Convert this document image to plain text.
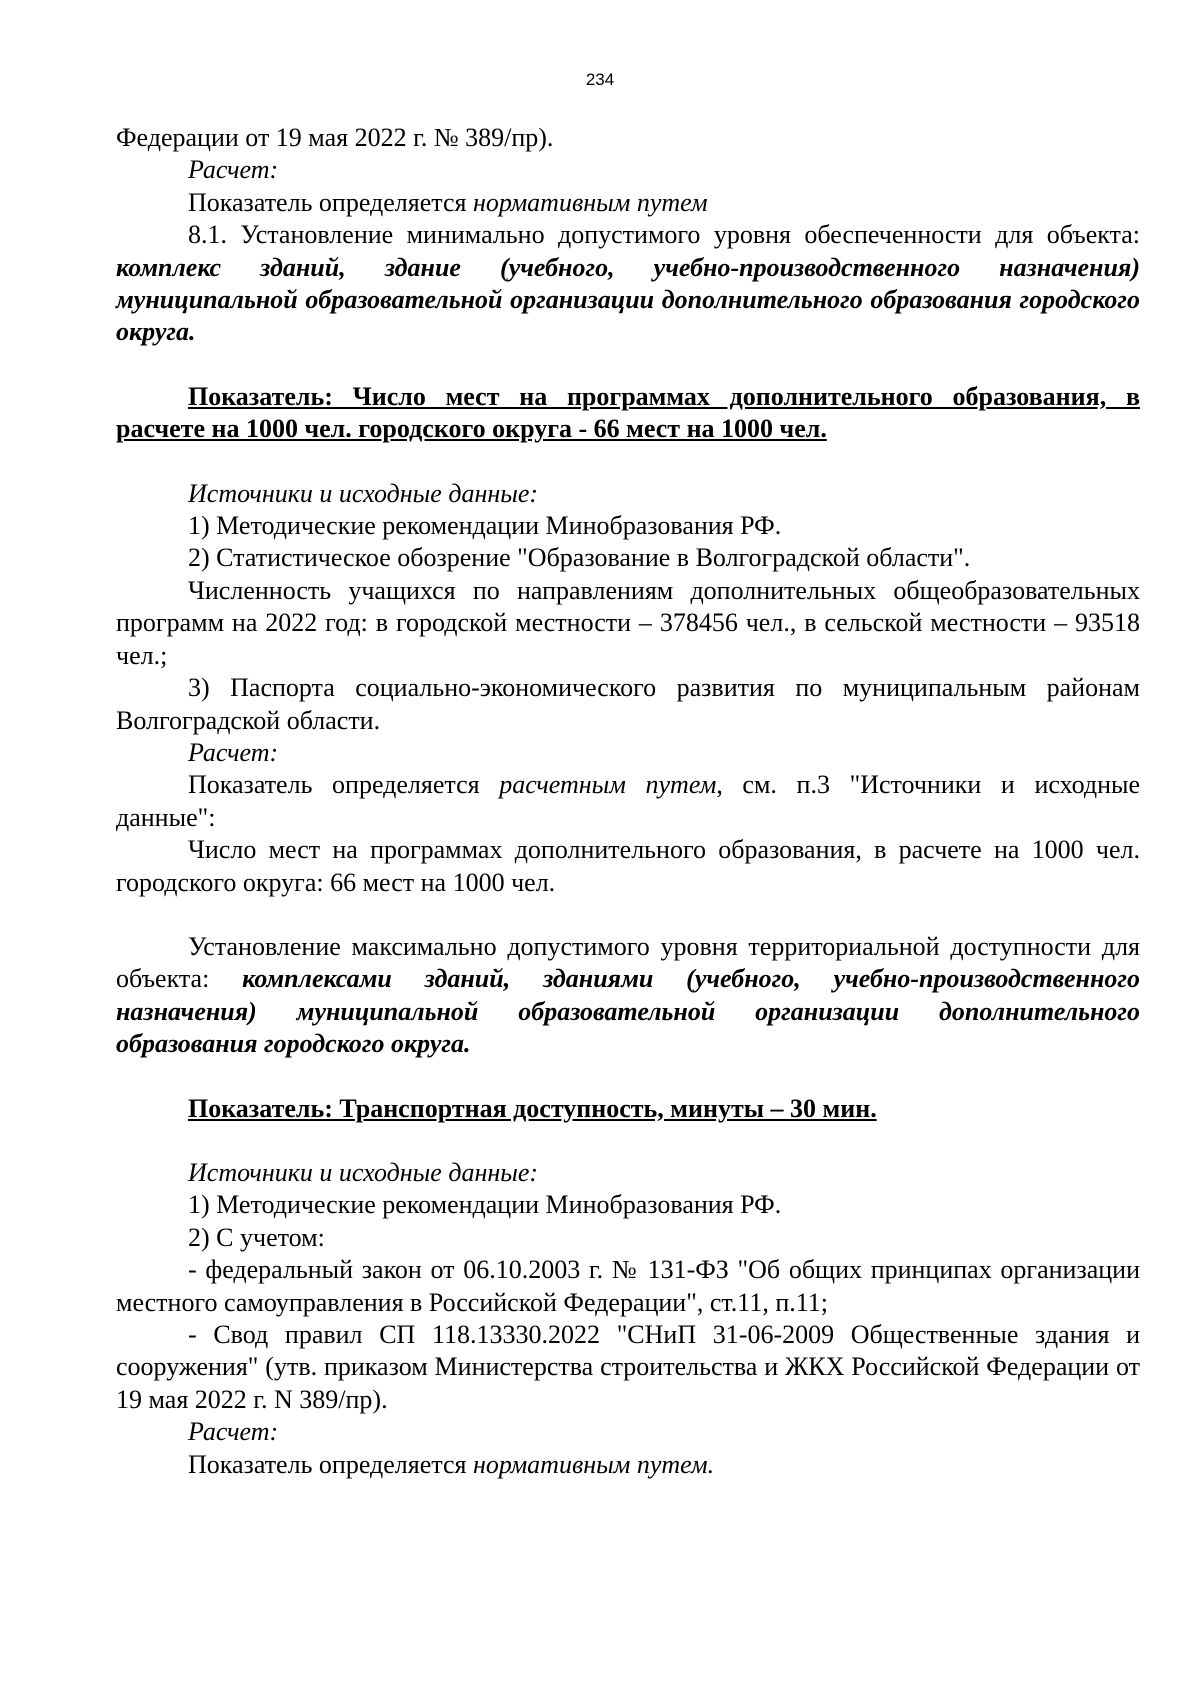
234

Федерации от 19 мая 2022 г. № 389/пр).

Расчет:

Показатель определяется нормативным путем

8.1. Установление минимально допустимого уровня обеспеченности для объекта: комплекс зданий, здание (учебного, учебно-производственного назначения) муниципальной образовательной организации дополнительного образования городского округа.

Показатель: Число мест на программах дополнительного образования, в расчете на 1000 чел. городского округа - 66 мест на 1000 чел.

Источники и исходные данные:

1) Методические рекомендации Минобразования РФ.

2) Статистическое обозрение "Образование в Волгоградской области".

Численность учащихся по направлениям дополнительных общеобразовательных программ на 2022 год: в городской местности – 378456 чел., в сельской местности – 93518 чел.;

3) Паспорта социально-экономического развития по муниципальным районам Волгоградской области.

Расчет:

Показатель определяется расчетным путем, см. п.3 "Источники и исходные данные":

Число мест на программах дополнительного образования, в расчете на 1000 чел. городского округа: 66 мест на 1000 чел.

Установление максимально допустимого уровня территориальной доступности для объекта: комплексами зданий, зданиями (учебного, учебно-производственного назначения) муниципальной образовательной организации дополнительного образования городского округа.

Показатель: Транспортная доступность, минуты – 30 мин.

Источники и исходные данные:

1) Методические рекомендации Минобразования РФ.

2) С учетом:

- федеральный закон от 06.10.2003 г. № 131-ФЗ "Об общих принципах организации местного самоуправления в Российской Федерации", ст.11, п.11;

- Свод правил СП 118.13330.2022 "СНиП 31-06-2009 Общественные здания и сооружения" (утв. приказом Министерства строительства и ЖКХ Российской Федерации от 19 мая 2022 г. N 389/пр).

Расчет:

Показатель определяется нормативным путем.
